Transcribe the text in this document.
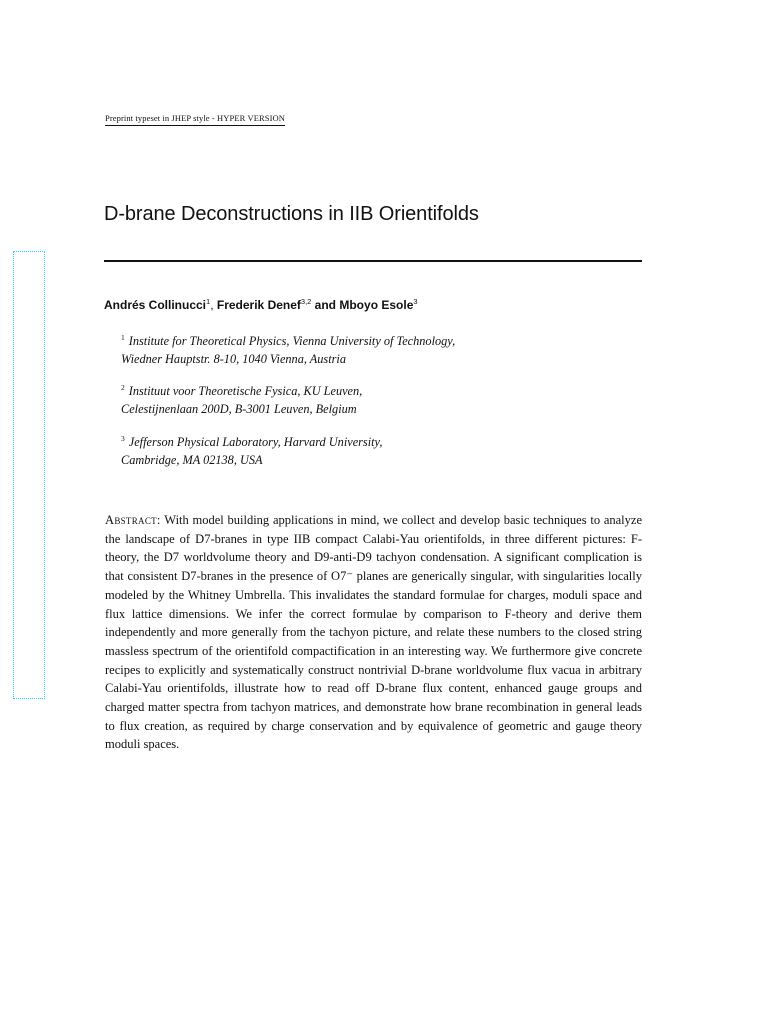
Preprint typeset in JHEP style - HYPER VERSION
D-brane Deconstructions in IIB Orientifolds
Andrés Collinucci$^1$, Frederik Denef$^{3,2}$ and Mboyo Esole$^3$
$^1$ Institute for Theoretical Physics, Vienna University of Technology,
Wiedner Hauptstr. 8-10, 1040 Vienna, Austria
$^2$ Instituut voor Theoretische Fysica, KU Leuven,
Celestijnenlaan 200D, B-3001 Leuven, Belgium
$^3$ Jefferson Physical Laboratory, Harvard University,
Cambridge, MA 02138, USA

Abstract: With model building applications in mind, we collect and develop basic techniques to analyze the landscape of D7-branes in type IIB compact Calabi-Yau orientifolds, in three different pictures: F-theory, the D7 worldvolume theory and D9-anti-D9 tachyon condensation. A significant complication is that consistent D7-branes in the presence of O7⁻ planes are generically singular, with singularities locally modeled by the Whitney Umbrella. This invalidates the standard formulae for charges, moduli space and flux lattice dimensions. We infer the correct formulae by comparison to F-theory and derive them independently and more generally from the tachyon picture, and relate these numbers to the closed string massless spectrum of the orientifold compactification in an interesting way. We furthermore give concrete recipes to explicitly and systematically construct nontrivial D-brane worldvolume flux vacua in arbitrary Calabi-Yau orientifolds, illustrate how to read off D-brane flux content, enhanced gauge groups and charged matter spectra from tachyon matrices, and demonstrate how brane recombination in general leads to flux creation, as required by charge conservation and by equivalence of geometric and gauge theory moduli spaces.
